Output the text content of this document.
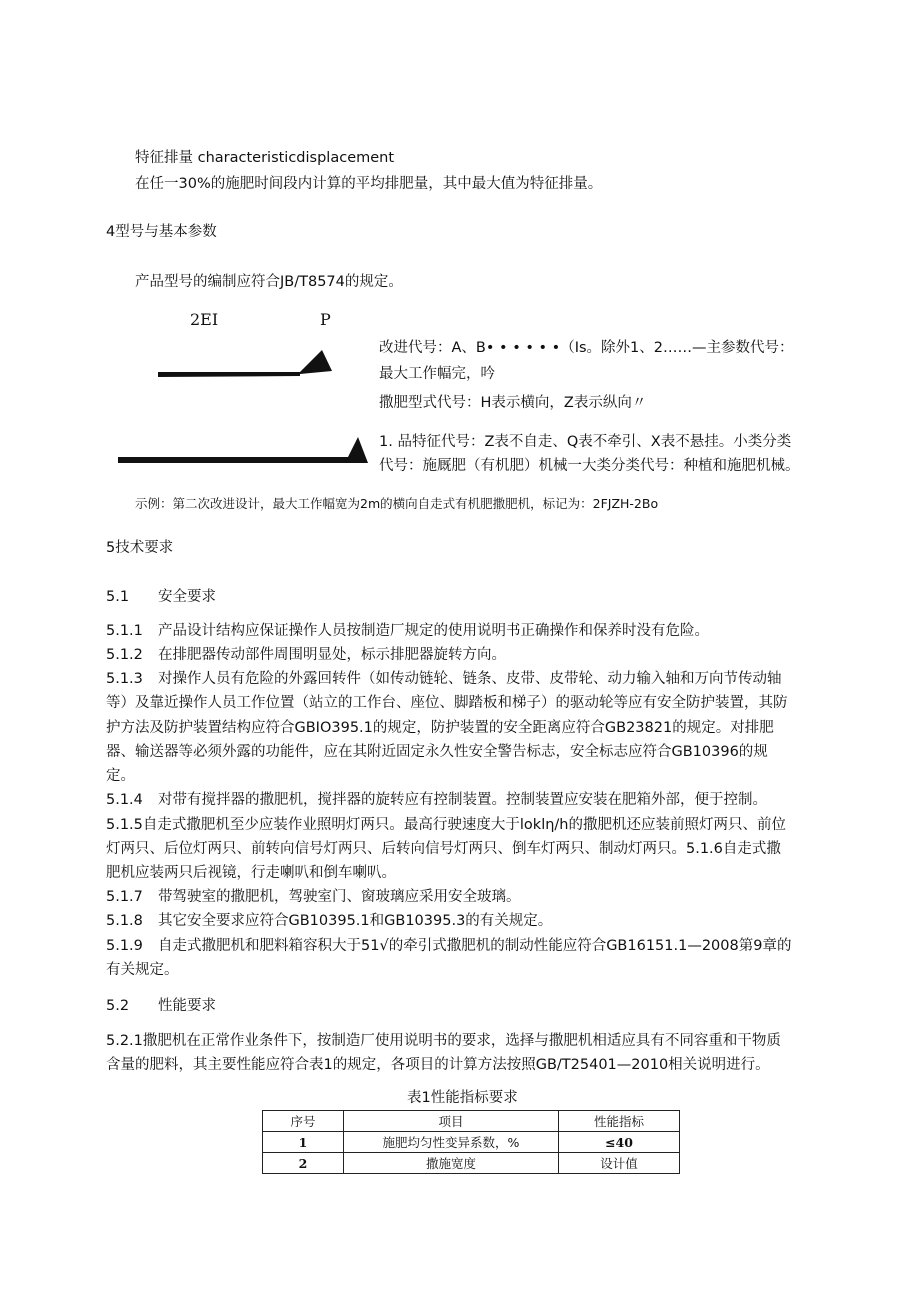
特征排量 characteristicdisplacement
在任一30%的施肥时间段内计算的平均排肥量，其中最大值为特征排量。
4型号与基本参数
产品型号的编制应符合JB/T8574的规定。
2EI	P
改进代号：A、B• • • • • •（Is。除外1、2……—主参数代号：
最大工作幅完，吟
撒肥型式代号：H表示横向，Z表示纵向〃
1. 品特征代号：Z表不自走、Q表不牵引、X表不悬挂。小类分类
代号：施厩肥（有机肥）机械一大类分类代号：种植和施肥机械。
示例：第二次改进设计，最大工作幅宽为2m的横向自走式有机肥撒肥机，标记为：2FJZH-2Bo
5技术要求
5.1 安全要求
5.1.1 产品设计结构应保证操作人员按制造厂规定的使用说明书正确操作和保养时没有危险。
5.1.2 在排肥器传动部件周围明显处，标示排肥器旋转方向。
5.1.3 对操作人员有危险的外露回转件（如传动链轮、链条、皮带、皮带轮、动力输入轴和万向节传动轴
等）及靠近操作人员工作位置（站立的工作台、座位、脚踏板和梯子）的驱动轮等应有安全防护装置，其防
护方法及防护装置结构应符合GBIO395.1的规定，防护装置的安全距离应符合GB23821的规定。对排肥
器、输送器等必须外露的功能件，应在其附近固定永久性安全警告标志，安全标志应符合GB10396的规
定。
5.1.4 对带有搅拌器的撒肥机，搅拌器的旋转应有控制装置。控制装置应安装在肥箱外部，便于控制。
5.1.5自走式撒肥机至少应装作业照明灯两只。最高行驶速度大于loklη/h的撒肥机还应装前照灯两只、前位
灯两只、后位灯两只、前转向信号灯两只、后转向信号灯两只、倒车灯两只、制动灯两只。5.1.6自走式撒
肥机应装两只后视镜，行走喇叭和倒车喇叭。
5.1.7 带驾驶室的撒肥机，驾驶室门、窗玻璃应采用安全玻璃。
5.1.8 其它安全要求应符合GB10395.1和GB10395.3的有关规定。
5.1.9 自走式撒肥机和肥料箱容积大于51√的牵引式撒肥机的制动性能应符合GB16151.1—2008第9章的
有关规定。
5.2 性能要求
5.2.1撒肥机在正常作业条件下，按制造厂使用说明书的要求，选择与撒肥机相适应具有不同容重和干物质
含量的肥料，其主要性能应符合表1的规定，各项目的计算方法按照GB/T25401—2010相关说明进行。
表1性能指标要求
序号	项目	性能指标
1	施肥均匀性变异系数，%	≤40
2	撒施宽度	设计值
